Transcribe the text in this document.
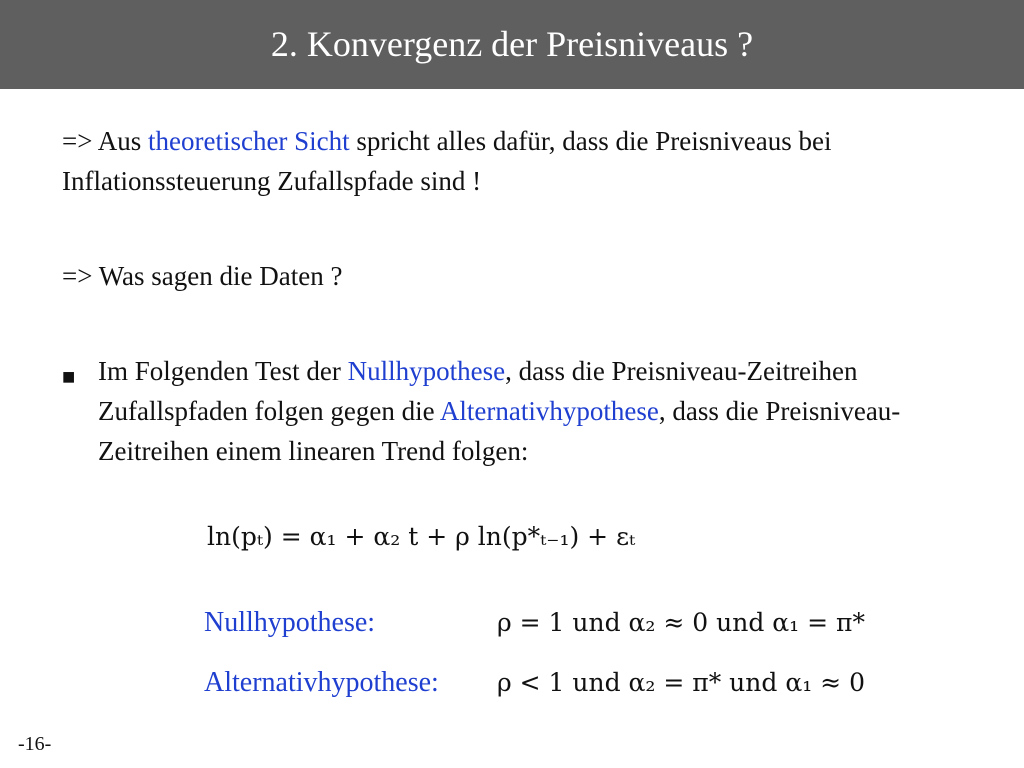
2. Konvergenz der Preisniveaus ?

=> Aus theoretischer Sicht spricht alles dafür, dass die Preisniveaus bei Inflationssteuerung Zufallspfade sind !

=> Was sagen die Daten ?

■ Im Folgenden Test der Nullhypothese, dass die Preisniveau-Zeitreihen Zufallspfaden folgen gegen die Alternativhypothese, dass die Preisniveau-Zeitreihen einem linearen Trend folgen:

ln(pₜ) = α₁ + α₂ t + ρ ln(p*ₜ₋₁) + εₜ
Nullhypothese:	ρ = 1 und α₂ ≈ 0 und α₁ = π*
Alternativhypothese: ρ < 1 und α₂ = π* und α₁ ≈ 0
-16-
